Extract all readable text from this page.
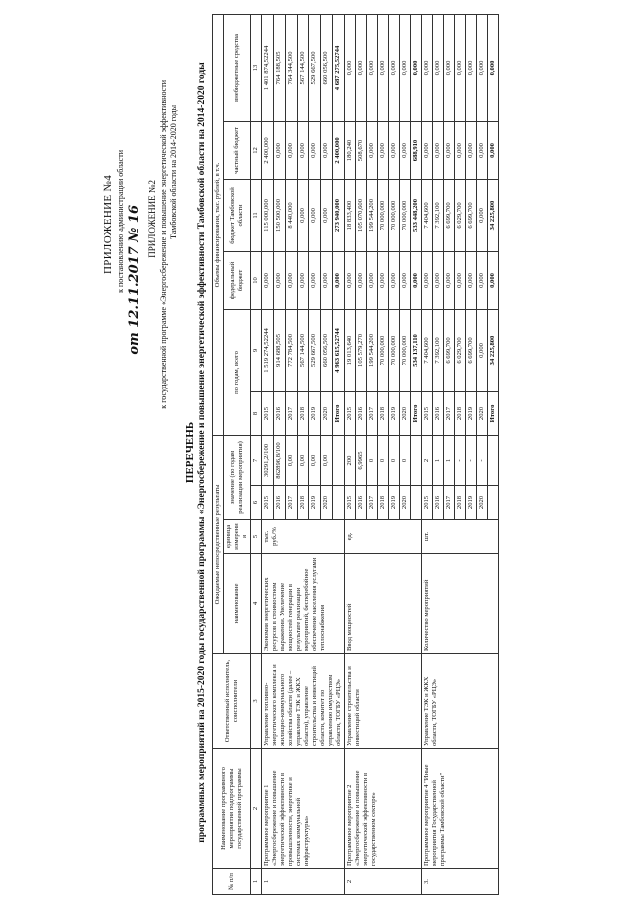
ПРИЛОЖЕНИЕ №4 к постановлению администрации области от 12.11.2017 № 16 ПРИЛОЖЕНИЕ №2 к государственной программе «Энергосбережение и повышение энергетической эффективности Тамбовской области на 2014-2020 годы
ПЕРЕЧЕНЬ программных мероприятий на 2015-2020 годы государственной программы «Энергосбережение и повышение энергетической эффективности Тамбовской области на 2014-2020 годы
№ п/п	Наименование программного мероприятия подпрограммы государственной программы	Ответственный исполнитель, соисполнители	Ожидаемые непосредственные результаты				Объемы финансирования, тыс. рублей, в т.ч.					
			наименование	единица измерения	значение (по годам реализации мероприятия)		по годам, всего		федеральный бюджет	бюджет Тамбовской области	частный бюджет	внебюджетные средства

1	2	3	4	5	6	7	8	9	10	11	12	13
1	Программное мероприятие 1 «Энергосбережение и повышение энергетической эффективности в промышленности, энергетике и системах коммунальной инфраструктуры»	Управление топливно-энергетического комплекса и жилищно-коммунального хозяйства области (далее – управление ТЭК и ЖКХ области), управление строительства и инвестиций области, комитет по управлению имуществом области, ТОГБУ «РЦЭ»	Экономия энергетических ресурсов в стоимостном выражении. Увеличение мощностей генерации в результате реализации мероприятий, бесперебойное обеспечение населения услугами теплоснабжения	тыс. руб./%	2015	30291,2/100	2015	1 519 274,52244	0,000	115 000,000	2 400,000	1 401 874,52244
					2016	862896,8/100	2016	914 688,505	0,000	150 500,000	0,000	764 188,505
					2017	0,00	2017	772 784,500	0,000	8 440,000	0,000	764 344,500
					2018	0,00	2018	567 144,500	0,000	0,000	0,000	567 144,500
					2019	0,00	2019	529 667,500	0,000	0,000	0,000	529 667,500
					2020	0,00	2020	660 056,500	0,000	0,000	0,000	660 056,500
							Итого	4 963 615,52744	0,000	273 940,000	2 400,000	4 687 275,52744
2	Программное мероприятие 2 «Энергосбережение и повышение энергетической эффективности в государственном секторе»	Управление строительства и инвестиций области	Ввод мощностей	ед.	2015	200	2015	19 013,640	0,000	18 833,400	180,240	0,000
					2016	6,9965	2016	105 579,270	0,000	105 070,600	508,670	0,000
					2017	0	2017	199 544,200	0,000	199 544,200	0,000	0,000
					2018	0	2018	70 000,000	0,000	70 000,000	0,000	0,000
					2019	0	2019	70 000,000	0,000	70 000,000	0,000	0,000
					2020	0	2020	70 000,000	0,000	70 000,000	0,000	0,000
							Итого	534 137,110	0,000	533 448,200	688,910	0,000
3.	Программное мероприятие 4 "Иные мероприятия Государственной программы Тамбовской области"	Управление ТЭК и ЖКХ области, ТОГБУ «РЦЭ»	Количество мероприятий	шт.	2015	2	2015	7 404,600	0,000	7 404,600	0,000	0,000
					2016	1	2016	7 392,100	0,000	7 392,100	0,000	0,000
					2017	1	2017	6 699,700	0,000	6 699,700	0,000	0,000
					2018	-	2018	6 029,700	0,000	6 029,700	0,000	0,000
					2019	-	2019	6 699,700	0,000	6 699,700	0,000	0,000
					2020	-	2020	0,000	0,000	0,000	0,000	0,000
							Итого	34 225,800	0,000	34 225,800	0,000	0,000
